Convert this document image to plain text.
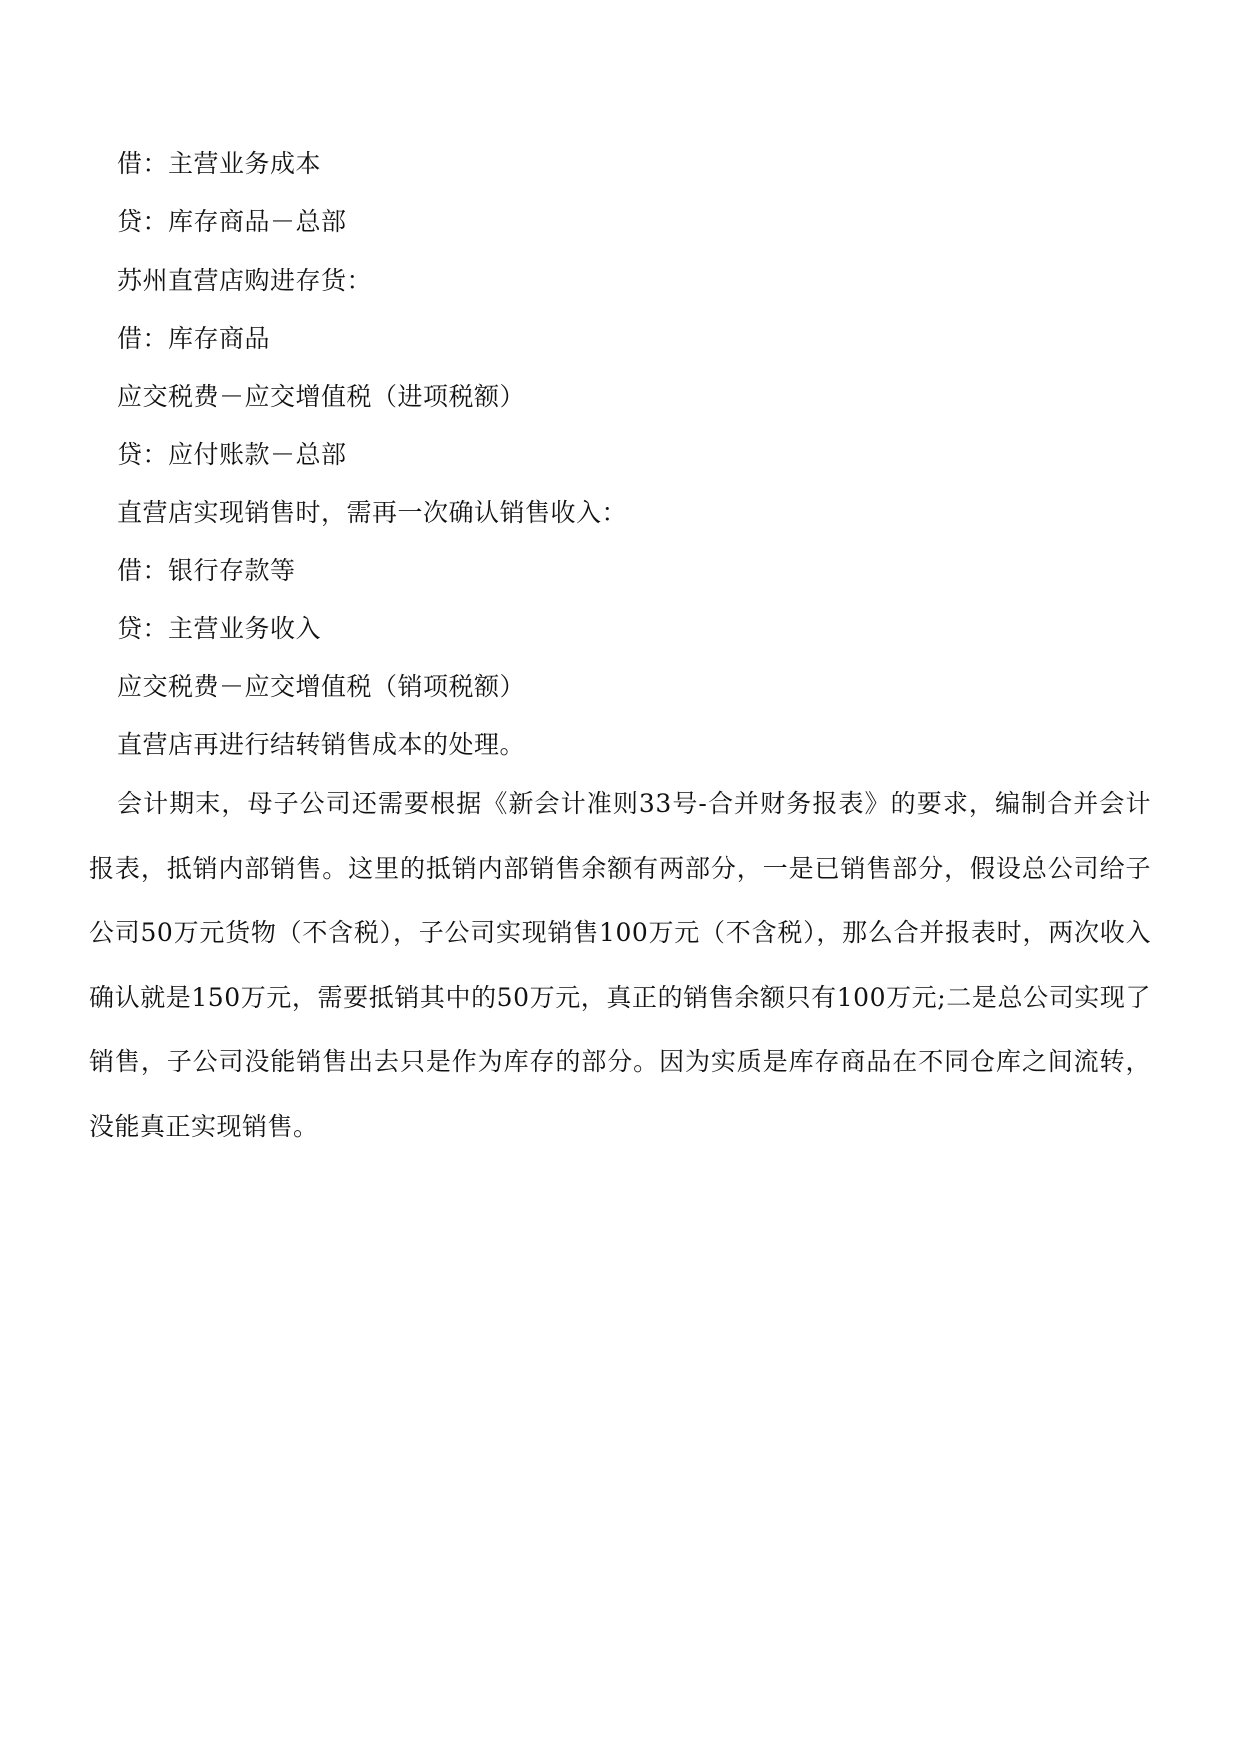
借：主营业务成本
贷：库存商品－总部
苏州直营店购进存货：
借：库存商品
应交税费－应交增值税（进项税额）
贷：应付账款－总部
直营店实现销售时，需再一次确认销售收入：
借：银行存款等
贷：主营业务收入
应交税费－应交增值税（销项税额）
直营店再进行结转销售成本的处理。
会计期末，母子公司还需要根据《新会计准则33号-合并财务报表》的要求，编制合并会计报表，抵销内部销售。这里的抵销内部销售余额有两部分，一是已销售部分，假设总公司给子公司50万元货物（不含税），子公司实现销售100万元（不含税），那么合并报表时，两次收入确认就是150万元，需要抵销其中的50万元，真正的销售余额只有100万元;二是总公司实现了销售，子公司没能销售出去只是作为库存的部分。因为实质是库存商品在不同仓库之间流转，没能真正实现销售。
